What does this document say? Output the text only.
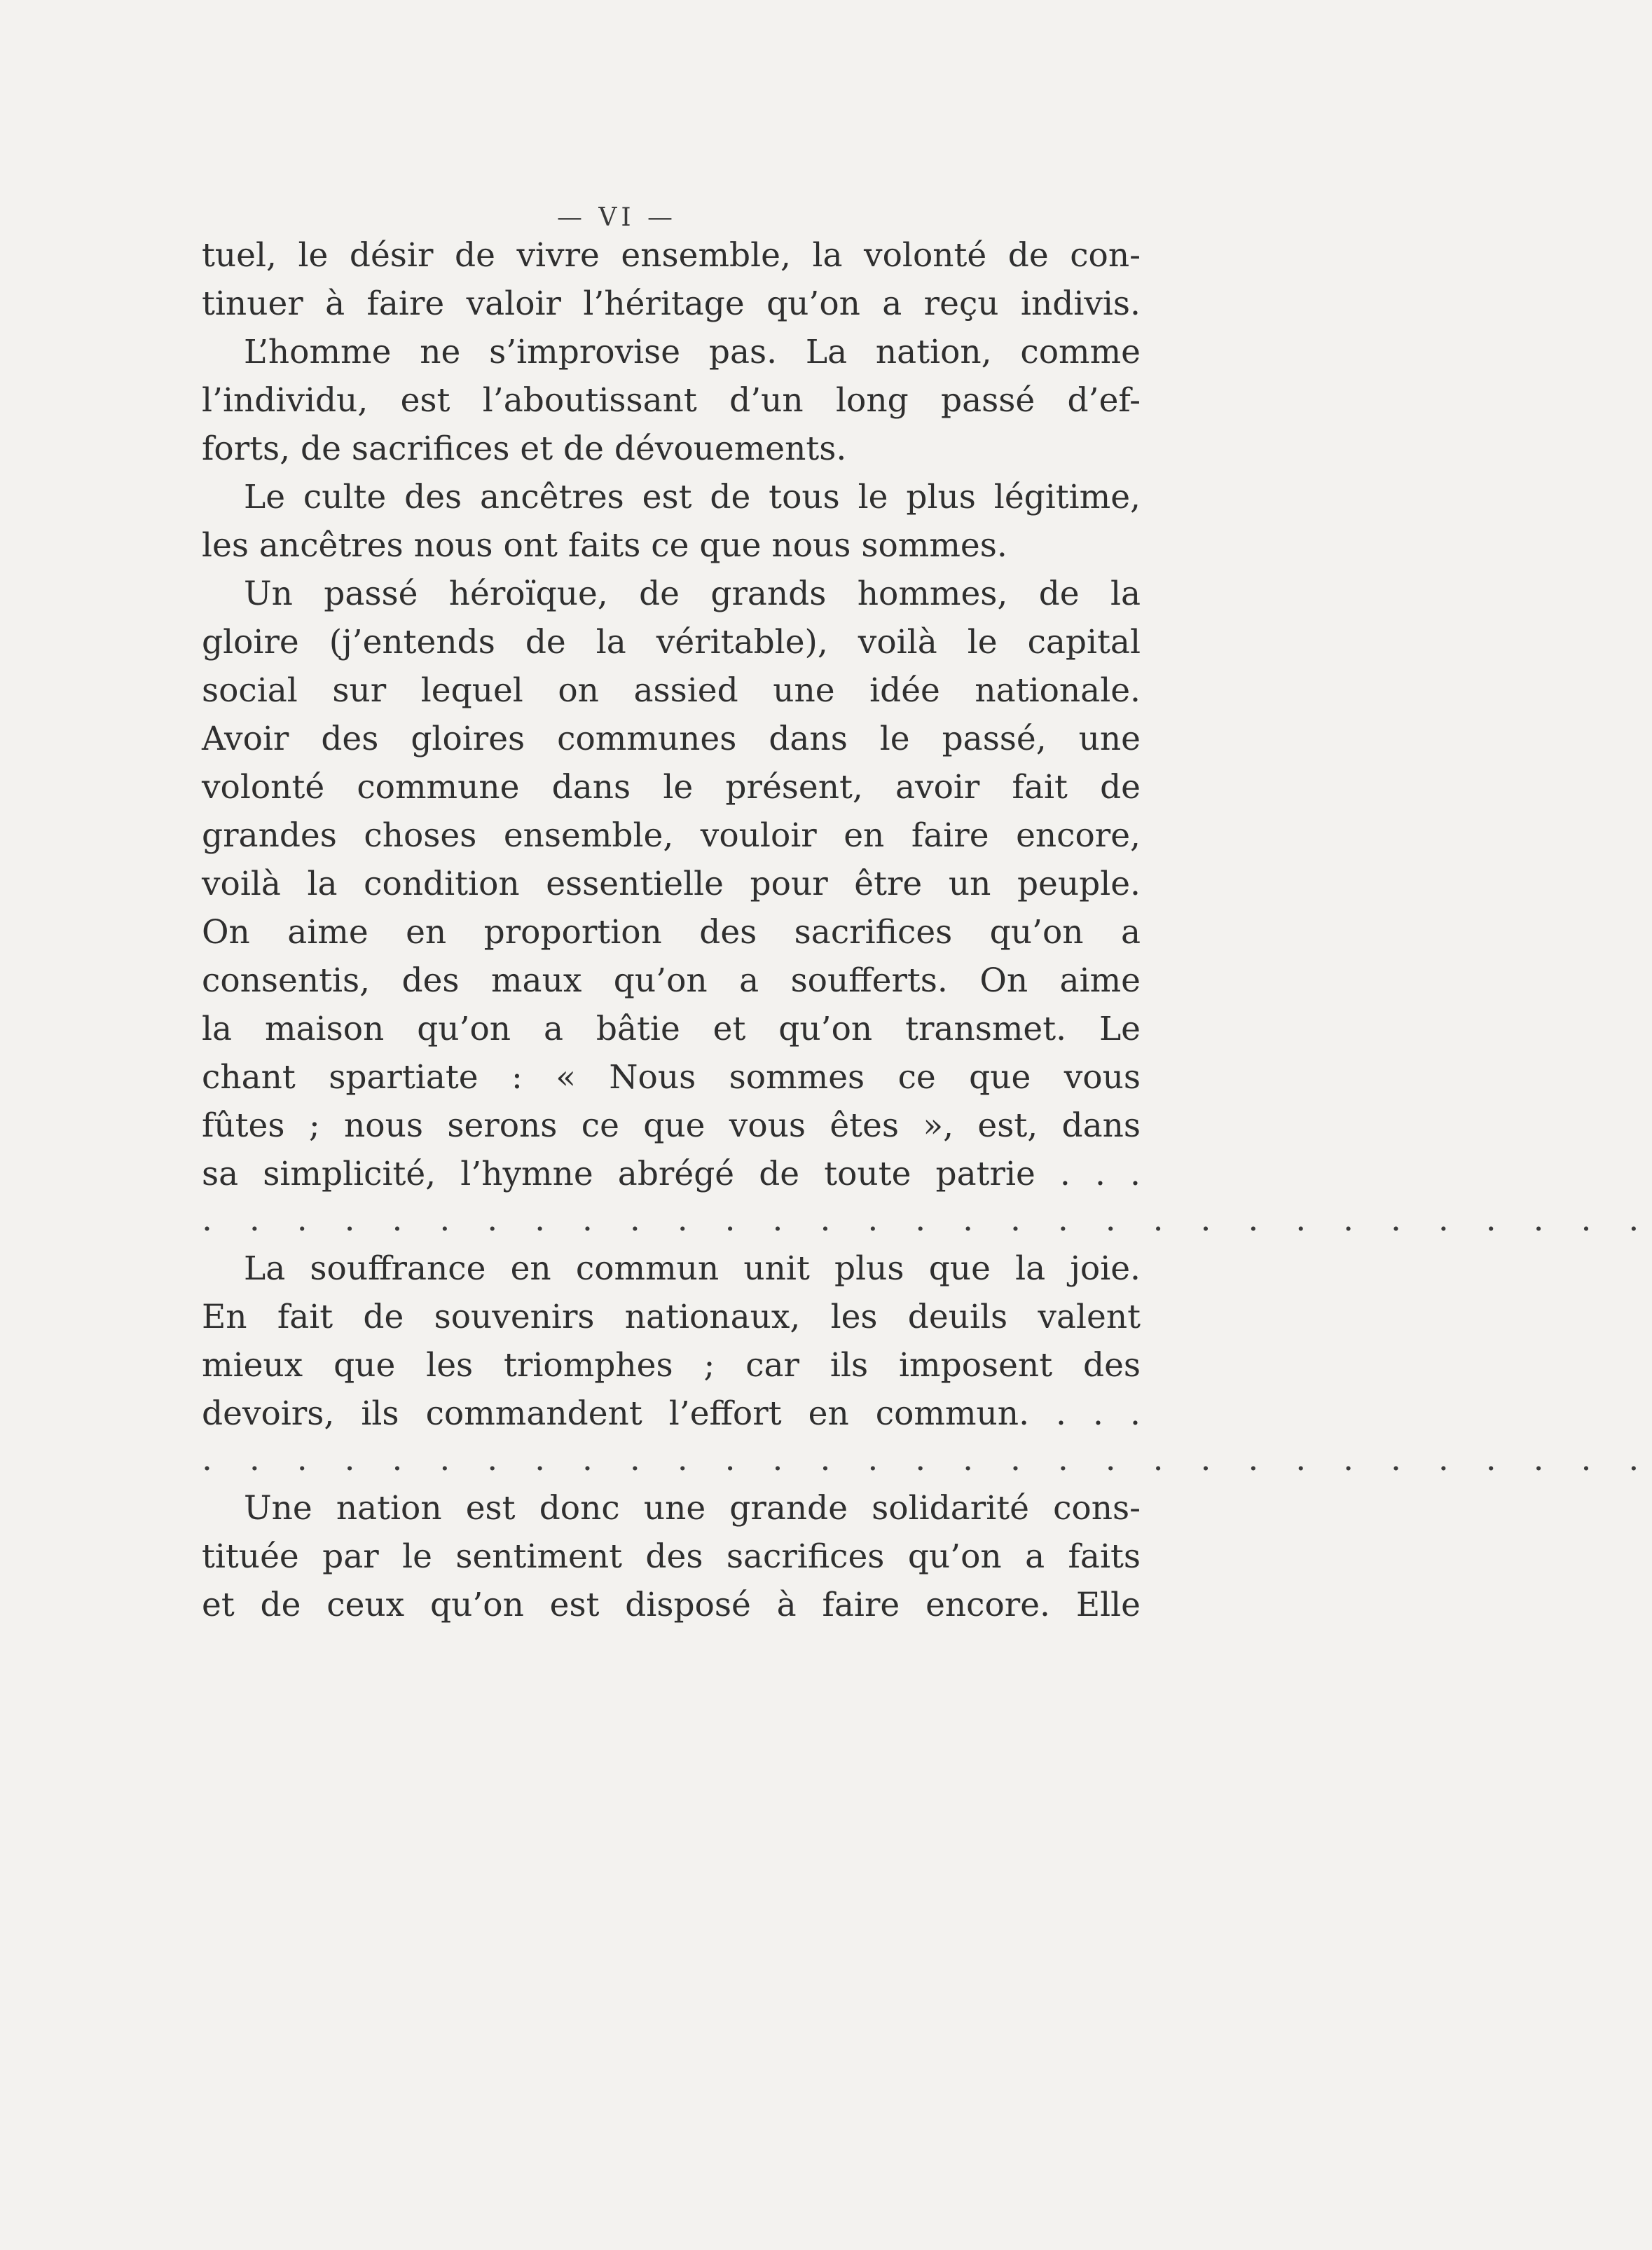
— VI —
tuel, le désir de vivre ensemble, la volonté de con-
tinuer à faire valoir l’héritage qu’on a reçu indivis.
L’homme ne s’improvise pas. La nation, comme
l’individu, est l’aboutissant d’un long passé d’ef-
forts, de sacrifices et de dévouements.
Le culte des ancêtres est de tous le plus légitime,
les ancêtres nous ont faits ce que nous sommes.
Un passé héroïque, de grands hommes, de la
gloire (j’entends de la véritable), voilà le capital
social sur lequel on assied une idée nationale.
Avoir des gloires communes dans le passé, une
volonté commune dans le présent, avoir fait de
grandes choses ensemble, vouloir en faire encore,
voilà la condition essentielle pour être un peuple.
On aime en proportion des sacrifices qu’on a
consentis, des maux qu’on a soufferts. On aime
la maison qu’on a bâtie et qu’on transmet. Le
chant spartiate : « Nous sommes ce que vous
fûtes ; nous serons ce que vous êtes », est, dans
sa simplicité, l’hymne abrégé de toute patrie . . .
. . . . . . . . . . . . . . . . . . . . . . . . . . . . . . .
La souffrance en commun unit plus que la joie.
En fait de souvenirs nationaux, les deuils valent
mieux que les triomphes ; car ils imposent des
devoirs, ils commandent l’effort en commun. . . .
. . . . . . . . . . . . . . . . . . . . . . . . . . . . . . .
Une nation est donc une grande solidarité cons-
tituée par le sentiment des sacrifices qu’on a faits
et de ceux qu’on est disposé à faire encore. Elle
